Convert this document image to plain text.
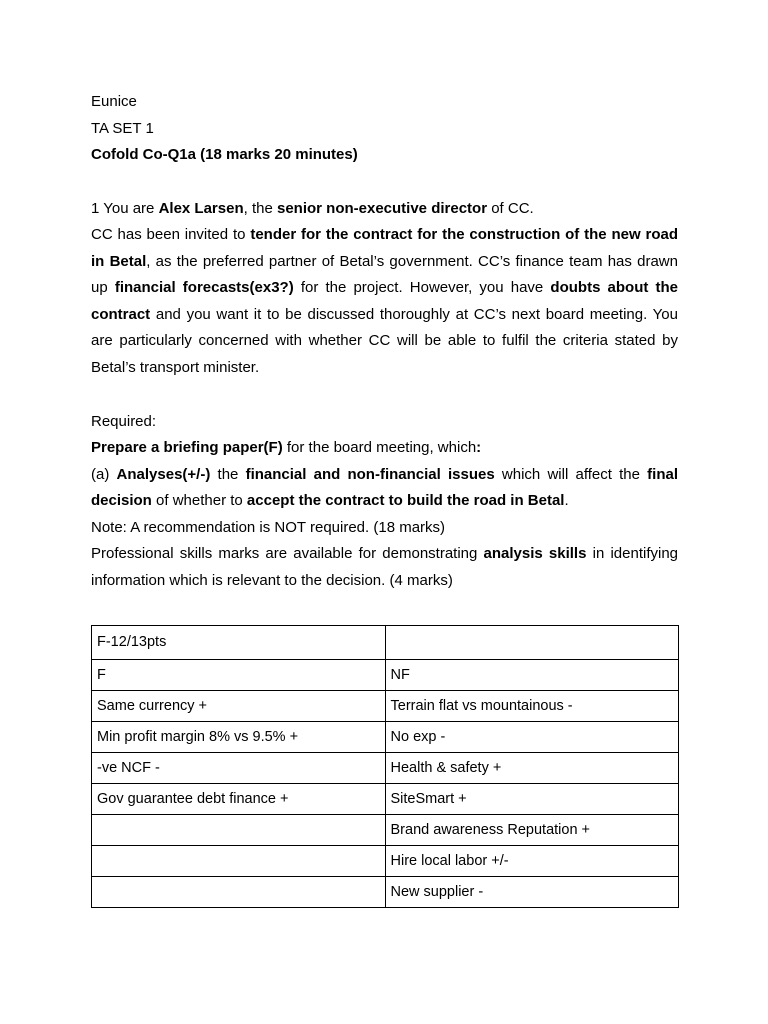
Eunice

TA SET 1

Cofold Co-Q1a (18 marks 20 minutes)

1 You are Alex Larsen, the senior non-executive director of CC.

CC has been invited to tender for the contract for the construction of the new road in Betal, as the preferred partner of Betal’s government. CC’s finance team has drawn up financial forecasts(ex3?) for the project. However, you have doubts about the contract and you want it to be discussed thoroughly at CC’s next board meeting. You are particularly concerned with whether CC will be able to fulfil the criteria stated by Betal’s transport minister.

Required:

Prepare a briefing paper(F) for the board meeting, which:

(a) Analyses(+/-) the financial and non-financial issues which will affect the final decision of whether to accept the contract to build the road in Betal.

Note: A recommendation is NOT required. (18 marks)

Professional skills marks are available for demonstrating analysis skills in identifying information which is relevant to the decision. (4 marks)

F-12/13pts	
F	NF
Same currency +	Terrain flat vs mountainous -
Min profit margin 8% vs 9.5% +	No exp -
-ve NCF -	Health & safety +
Gov guarantee debt finance +	SiteSmart +
	Brand awareness Reputation +
	Hire local labor +/-
	New supplier -
